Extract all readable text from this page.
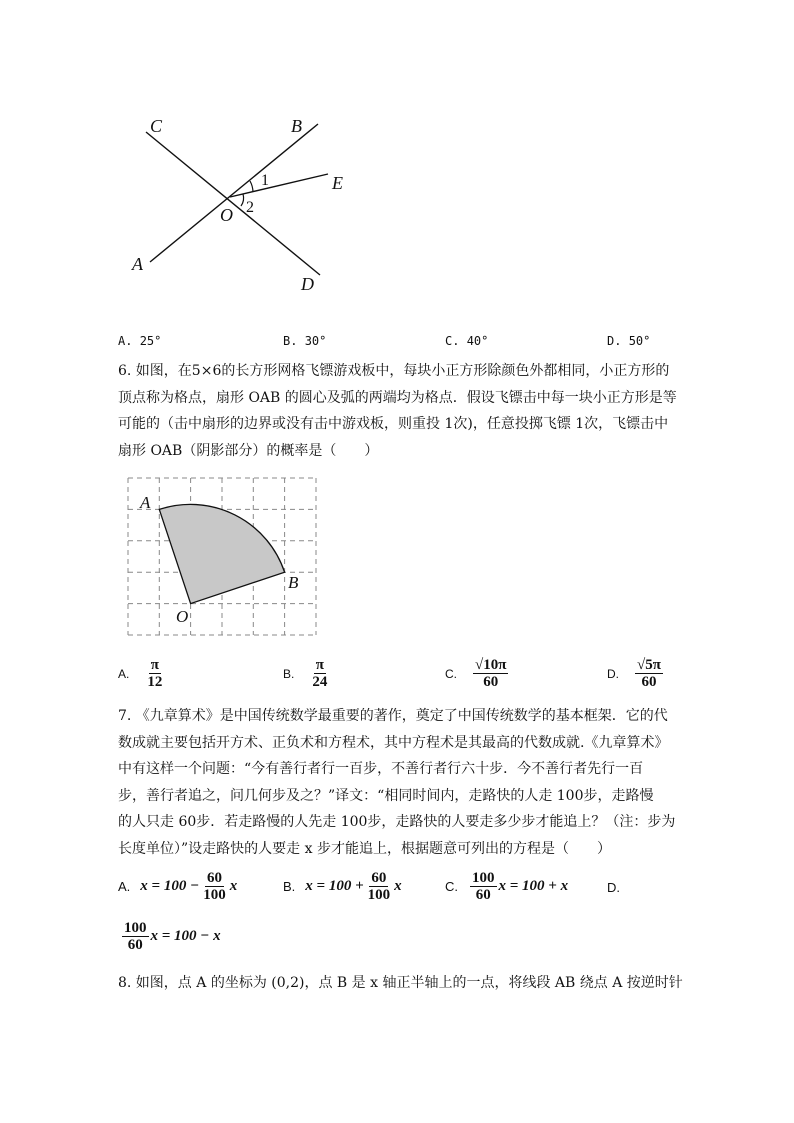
C	B
E
O
A
D
1
2
A. 25°	B. 30°	C. 40°	D. 50°
6. 如图，在5×6的长方形网格飞镖游戏板中，每块小正方形除颜色外都相同，小正方形的
顶点称为格点，扇形 OAB 的圆心及弧的两端均为格点．假设飞镖击中每一块小正方形是等
可能的（击中扇形的边界或没有击中游戏板，则重投 1次)，任意投掷飞镖 1次，飞镖击中
扇形 OAB（阴影部分）的概率是（　　）
A
B
O
A. $\frac{\pi}{12}$	B. $\frac{\pi}{24}$	C. $\frac{√10\pi}{60}$	D. $\frac{√5\pi}{60}$
7. 《九章算术》是中国传统数学最重要的著作，奠定了中国传统数学的基本框架．它的代
数成就主要包括开方术、正负术和方程术，其中方程术是其最高的代数成就.《九章算术》
中有这样一个问题：“今有善行者行一百步，不善行者行六十步．今不善行者先行一百
步，善行者追之，问几何步及之？”译文：“相同时间内，走路快的人走 100步，走路慢
的人只走 60步．若走路慢的人先走 100步，走路快的人要走多少步才能追上？（注：步为
长度单位）”设走路快的人要走 x 步才能追上，根据题意可列出的方程是（　　）
A. $x = 100 - \frac{60}{100}$ x	B. $x = 100 + \frac{60}{100}$ x	C. $\frac{100}{60}$ x = 100 + x	D.
$\frac{100}{60}$ x = 100 − x
8. 如图，点 A 的坐标为 (0,2)，点 B 是 x 轴正半轴上的一点，将线段 AB 绕点 A 按逆时针
